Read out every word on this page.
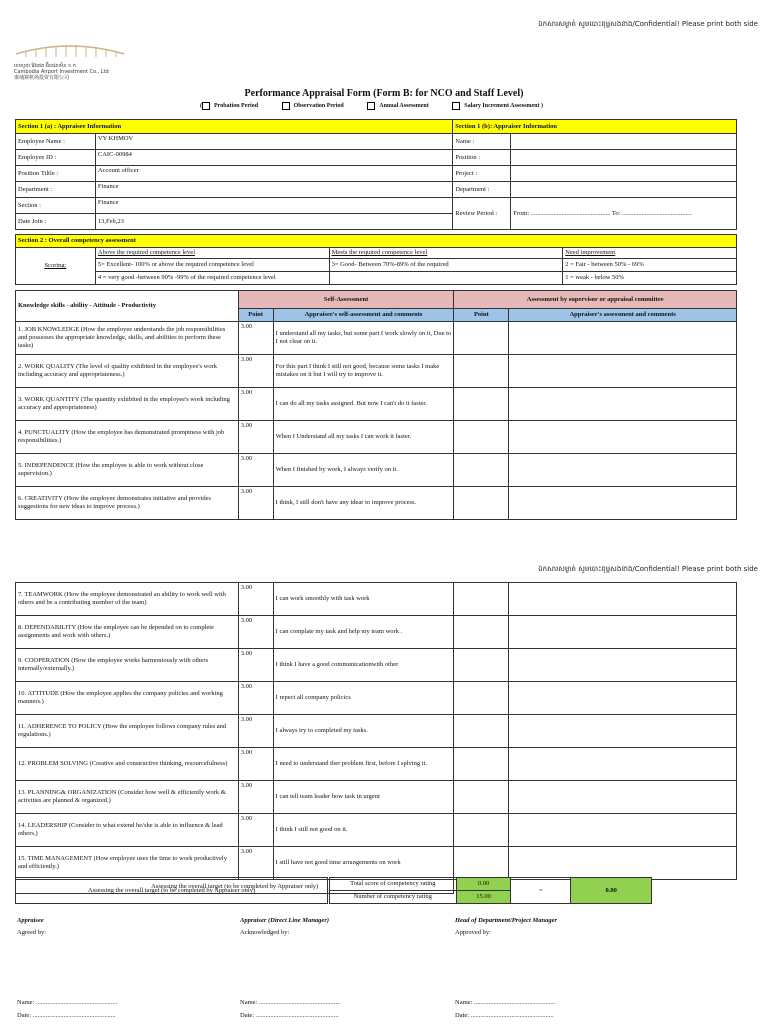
ឯកសារសម្ងាត់ សូមបោះពុម្ពសងខាង/Confidential! Please print both side
ឯកសារសម្ងាត់ សូមបោះពុម្ពសងខាង/Confidential! Please print both side
ខេមបូឌា អ៊ែរផត អ៊ិនវេសមិន ខ.ក
Cambodia Airport Investment Co., Ltd
柬埔寨机场投资有限公司
Performance Appraisal Form (Form B: for NCO and Staff Level)
( Probation Period	Observation Period	Annual Assessment	Salary Increment Assessment )
Section 1 (a) : Appraisee Information		Section 1 (b): Appraiser Information	
Employee Name :	VY KHMOV	Name :	
Employee ID :	CAIC-00984	Position :	
Position Tiltle :	Account officer	Project :	
Department :	Finance	Department :	
Section :	Finance	Review Period :	From: ................................................. To: ...........................................
Date Join :	13,Feb,23		
Section 2 : Overall competency assessment			
Scoring:	Above the required competence level	Meets the required competence level	Need improvement
	5= Excellent- 100% or above the required competence level	3= Good- Between 70%-89% of the required	2 = Fair - between 50% - 69%
	4 = very good -between 90% -99% of the required competence level		1 = weak - below 50%
Knowledge skills - ability - Attitude - Productivity	Self-Assessment		Assessment by supervisor or appraisal committee	
	Point	Appraisee's self-assessment and comments	Point	Appraiser's assessment and comments
1. JOB KNOWLEDGE (How the employee understands the job responsibilities and possesses the appropriate knowledge, skills, and abilities to perform these tasks)	3.00	I understand all my tasks, but some part I work slowly on it, Due to I not clear on it.		
2. WORK QUALITY (The level of quality exhibited in the employee's work including accuracy and appropriateness.)	3.00	For this part I think I still not good, because some tasks I make mistakes on it but I will try to improve it.		
3. WORK QUANTITY (The quantity exhibited in the employee's work including accuracy and appropriateness)	3.00	I can do all my tasks assigned. But now I can't do it faster.		
4. PUNCTUALITY (How the employee has demonstrated promptness with job responsibilities.)	3.00	When I Understand all my tasks I can work it faster.		
5. INDEPENDENCE (How the employee is able to work without close supervision.)	3.00	When I finished by work, I always verify on it.		
6. CREATIVITY (How the employee demonstrates initiative and provides suggestions for new ideas to improve process.)	3.00	I think, I still don't have any idear to improve process.		
7. TEAMWORK (How the employee demonstrated an ability to work well with others and be a contributing member of the team)	3.00	I can work smoothly with task work		
8. DEPENDABILITY (How the employee can be depended on to complete assignments and work with others.)	3.00	I can complate my task and help my team work .		
9. COOPERATION (How the employee works harmoniously with others internally/externally.)	3.00	I think I have a good communicationwith other		
10. ATTITUDE (How the employee applies the company policies and working manners.)	3.00	I repect all company policics		
11. ADHERENCE TO POLICY (How the employee follows company rules and regulations.)	3.00	I always try to completed my tasks.		
12. PROBLEM SOLVING (Creative and constructive thinking, resourcefulness)	3.00	I need to understand ther problem first, before I splving it.		
13. PLANNING& ORGANIZATION (Consider how well & efficiently work & activities are planned & organized.)	3.00	I can tell team leader how task in urgent		
14. LEADERSHIP (Consider to what extend he/she is able to influence & lead others.)	3.00	I think I still not good on it.		
15. TIME MANAGEMENT (How employee uses the time to work productively and efficiently.)	3.00	I still have not good time arrangements on work		
Assessing the overall target (to be completed by Appraiser only)					Total score of competency rating	0.00	=	0.00
Number of competency rating	15.00		
Assessing the overall target (to be completed by Appraiser only)
Appraisee
Agreed by:
Appraiser (Direct Line Manager)
Acknowledged by:
Head of Department/Project Manager
Approved by:
Name: ..................................................
Date: ...................................................
Name: ..................................................
Date: ...................................................
Name: ..................................................
Date: ...................................................
